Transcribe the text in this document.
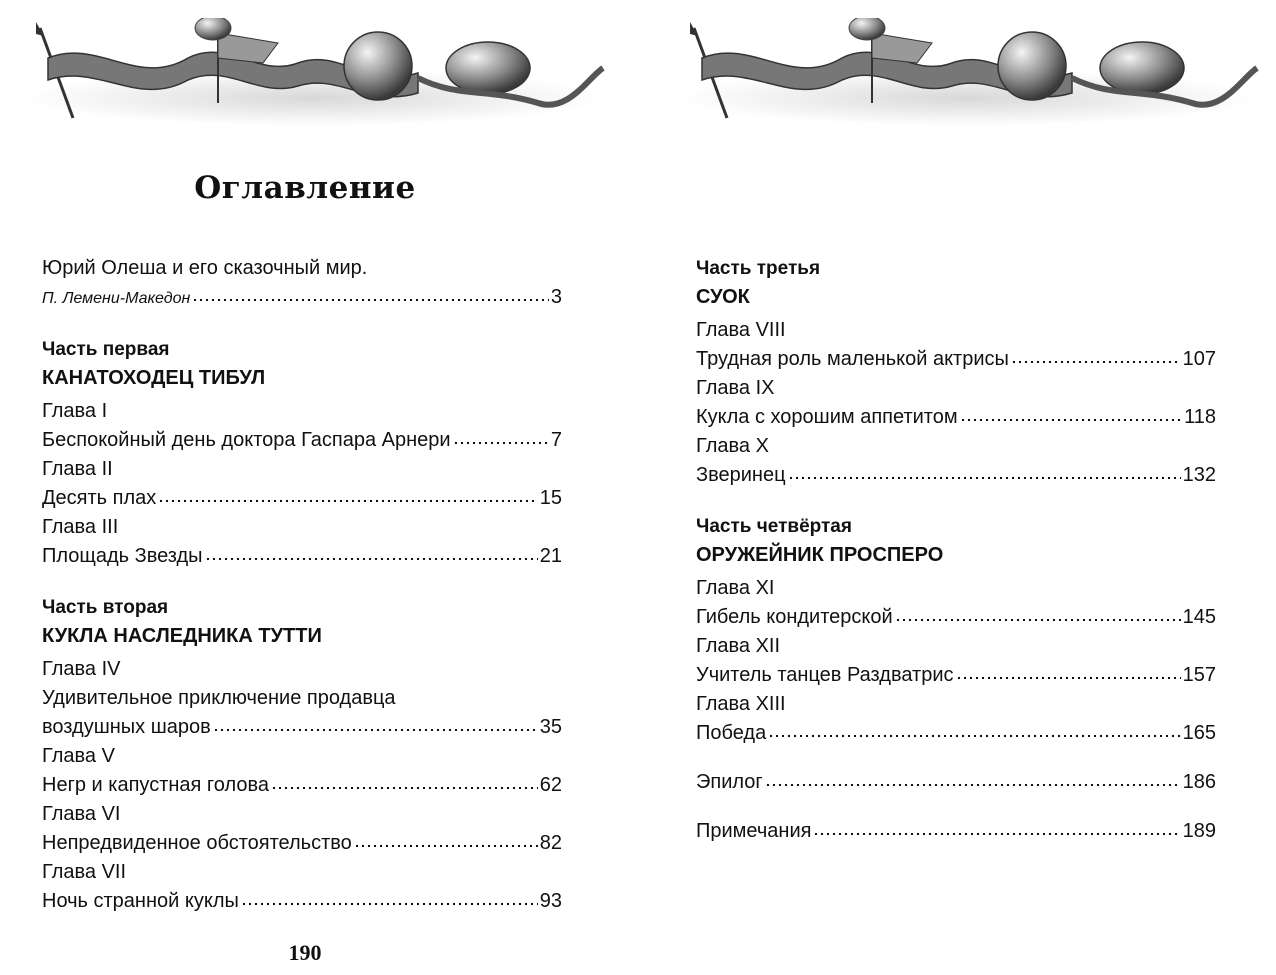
Оглавление
Юрий Олеша и его сказочный мир.
П. Лемени-Македон	3
Часть первая
КАНАТОХОДЕЦ ТИБУЛ
Глава I
Беспокойный день доктора Гаспара Арнери	7
Глава II
Десять плах	15
Глава III
Площадь Звезды	21
Часть вторая
КУКЛА НАСЛЕДНИКА ТУТТИ
Глава IV
Удивительное приключение продавца
воздушных шаров	35
Глава V
Негр и капустная голова	62
Глава VI
Непредвиденное обстоятельство	82
Глава VII
Ночь странной куклы	93
Часть третья
СУОК
Глава VIII
Трудная роль маленькой актрисы	107
Глава IX
Кукла с хорошим аппетитом	118
Глава X
Зверинец	132
Часть четвёртая
ОРУЖЕЙНИК ПРОСПЕРО
Глава XI
Гибель кондитерской	145
Глава XII
Учитель танцев Раздватрис	157
Глава XIII
Победа	165
Эпилог	186
Примечания	189
190
